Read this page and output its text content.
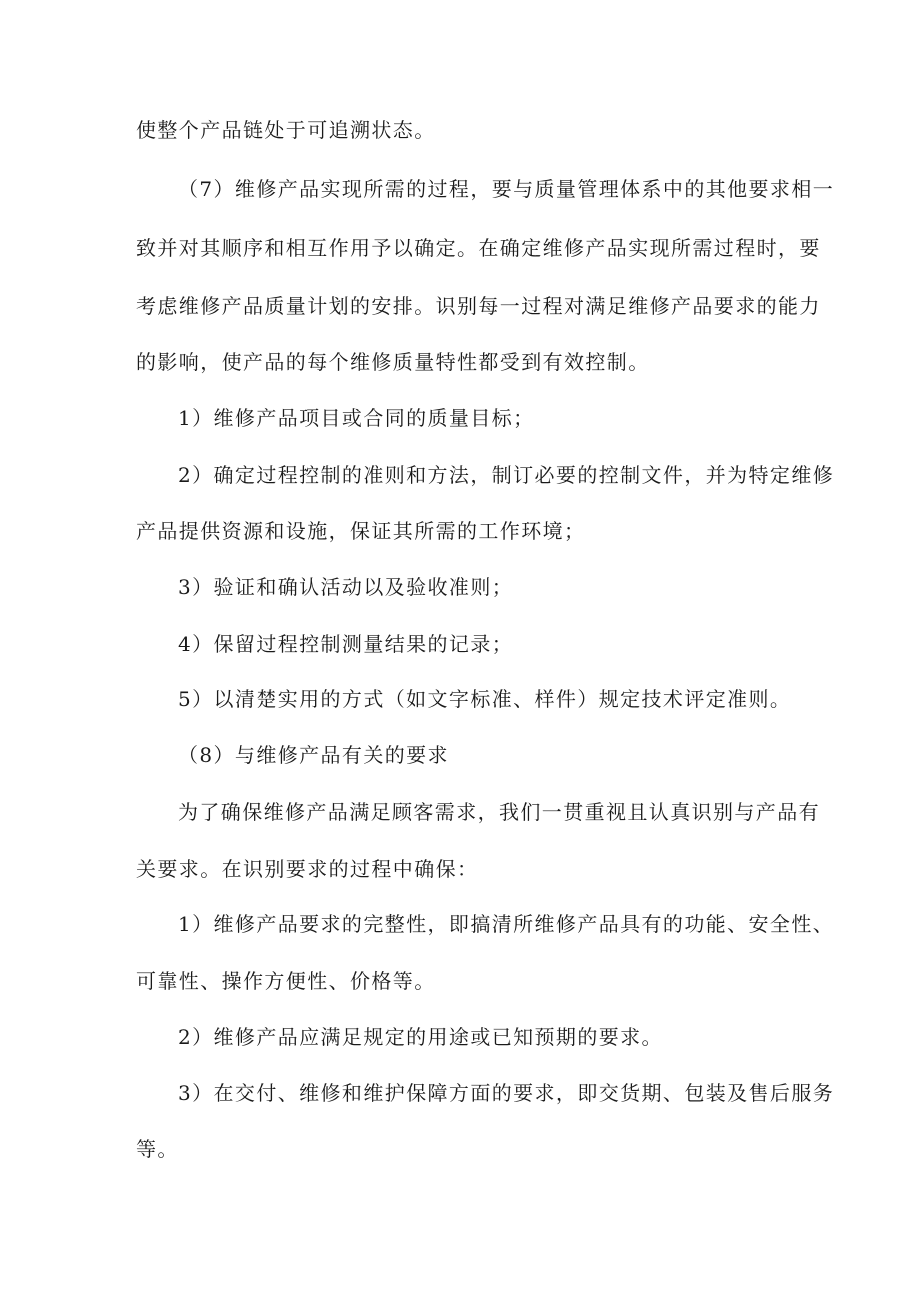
使整个产品链处于可追溯状态。
（7）维修产品实现所需的过程，要与质量管理体系中的其他要求相一
致并对其顺序和相互作用予以确定。在确定维修产品实现所需过程时，要
考虑维修产品质量计划的安排。识别每一过程对满足维修产品要求的能力
的影响，使产品的每个维修质量特性都受到有效控制。
1）维修产品项目或合同的质量目标；
2）确定过程控制的准则和方法，制订必要的控制文件，并为特定维修
产品提供资源和设施，保证其所需的工作环境；
3）验证和确认活动以及验收准则；
4）保留过程控制测量结果的记录；
5）以清楚实用的方式（如文字标准、样件）规定技术评定准则。
（8）与维修产品有关的要求
为了确保维修产品满足顾客需求，我们一贯重视且认真识别与产品有
关要求。在识别要求的过程中确保：
1）维修产品要求的完整性，即搞清所维修产品具有的功能、安全性、
可靠性、操作方便性、价格等。
2）维修产品应满足规定的用途或已知预期的要求。
3）在交付、维修和维护保障方面的要求，即交货期、包装及售后服务
等。
